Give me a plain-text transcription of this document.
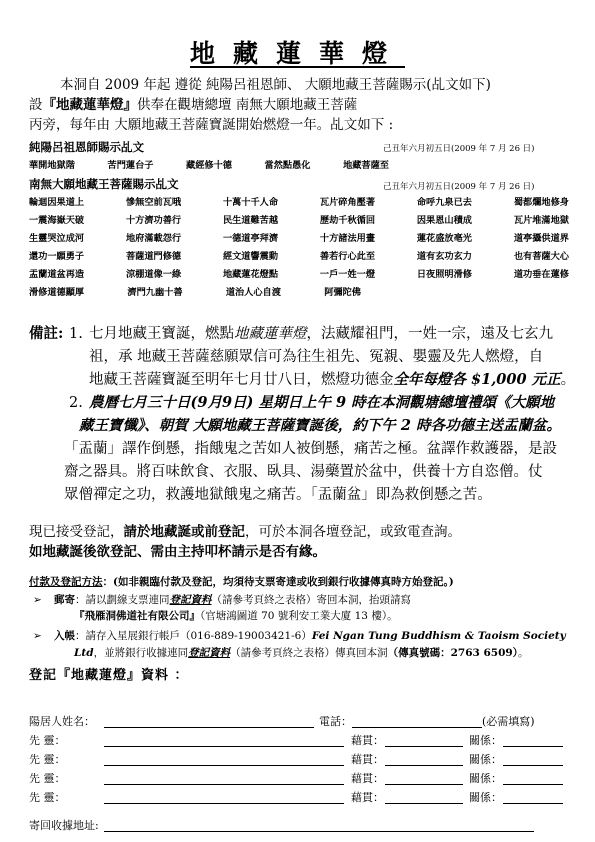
地藏蓮華燈
本洞自 2009 年起 遵從 純陽呂祖恩師、 大願地藏王菩薩賜示(乩文如下)
設『地藏蓮華燈』供奉在觀塘總壇 南無大願地藏王菩薩
丙旁，每年由 大願地藏王菩薩寶誕開始燃燈一年。乩文如下 :
純陽呂祖恩師賜示乩文	己丑年六月初五日(2009 年 7 月 26 日)
華開地獄階	苦門蓮台子	藏經修十德	當然點愚化	地藏菩薩至
南無大願地藏王菩薩賜示乩文	己丑年六月初五日(2009 年 7 月 26 日)
輪迴因果道上	慘無空前瓦哦	十萬十千人命	瓦片碎角壓著	命呼九泉已去	蜀都爛地修身
一震海嶽天破	十方濟功善行	民生道難苦越	歷劫千秋循回	因果恩山積成	瓦片堆滿地獄
生靈哭泣成河	地府滿載怨行	一德道亭拜濟	十方諸法用畫	蓮花盛放亳光	道亭攝供道界
還功一願勇子	菩薩道門修德	經文道響震動	善若行心此至	道有玄功玄力	也有菩薩大心
盂蘭道盆再造	涼棚道像一綠	地藏蓮花燈點	一戶一姓一燈	日夜照明滑修	道功垂在蓮修
滑修道德顯厚	濟門九幽十善	道治人心自渡	阿彌陀佛
備註: 1. 七月地藏王寶誕，燃點地藏蓮華燈，法藏耀祖門，一姓一宗，遠及七玄九
祖，承 地藏王菩薩慈願眾信可為往生祖先、冤親、嬰靈及先人燃燈，自
地藏王菩薩寶誕至明年七月廿八日，燃燈功德金全年每燈各 $1,000 元正。
2. 農曆七月三十日(9月9日) 星期日上午 9 時在本洞觀塘總壇禮頌《大願地
藏王寶懺》、朝賀 大願地藏王菩薩寶誕後，約下午 2 時各功德主送盂蘭盆。
「盂蘭」譯作倒懸，指餓鬼之苦如人被倒懸，痛苦之極。盆譯作救護器，是設
齋之器具。將百味飲食、衣服、臥具、湯藥置於盆中，供養十方自恣僧。仗
眾僧禪定之功，救護地獄餓鬼之痛苦。「盂蘭盆」即為救倒懸之苦。
現已接受登記，請於地藏誕或前登記，可於本洞各壇登記，或致電查詢。
如地藏誕後欲登記、需由主持叩杯請示是否有緣。
付款及登記方法：(如非親臨付款及登記，均須待支票寄達或收到銀行收據傳真時方始登記。)
➢ 郵寄：請以劃線支票連同登記資料（請參考頁終之表格）寄回本洞，抬頭請寫
『飛雁洞佛道社有限公司』（官塘鴻圖道 70 號利安工業大廈 13 樓）。
➢ 入帳：請存入星展銀行帳戶（016-889-19003421-6）Fei Ngan Tung Buddhism & Taoism Society
Ltd，並將銀行收據連同登記資料（請參考頁終之表格）傳真回本洞（傳真號碼：2763 6509）。
登記『地藏蓮燈』資料 ：
陽居人姓名：	電話：	(必需填寫)
先 靈：	藉貫：	關係：
先 靈：	藉貫：	關係：
先 靈：	藉貫：	關係：
先 靈：	藉貫：	關係：
寄回收據地址:
